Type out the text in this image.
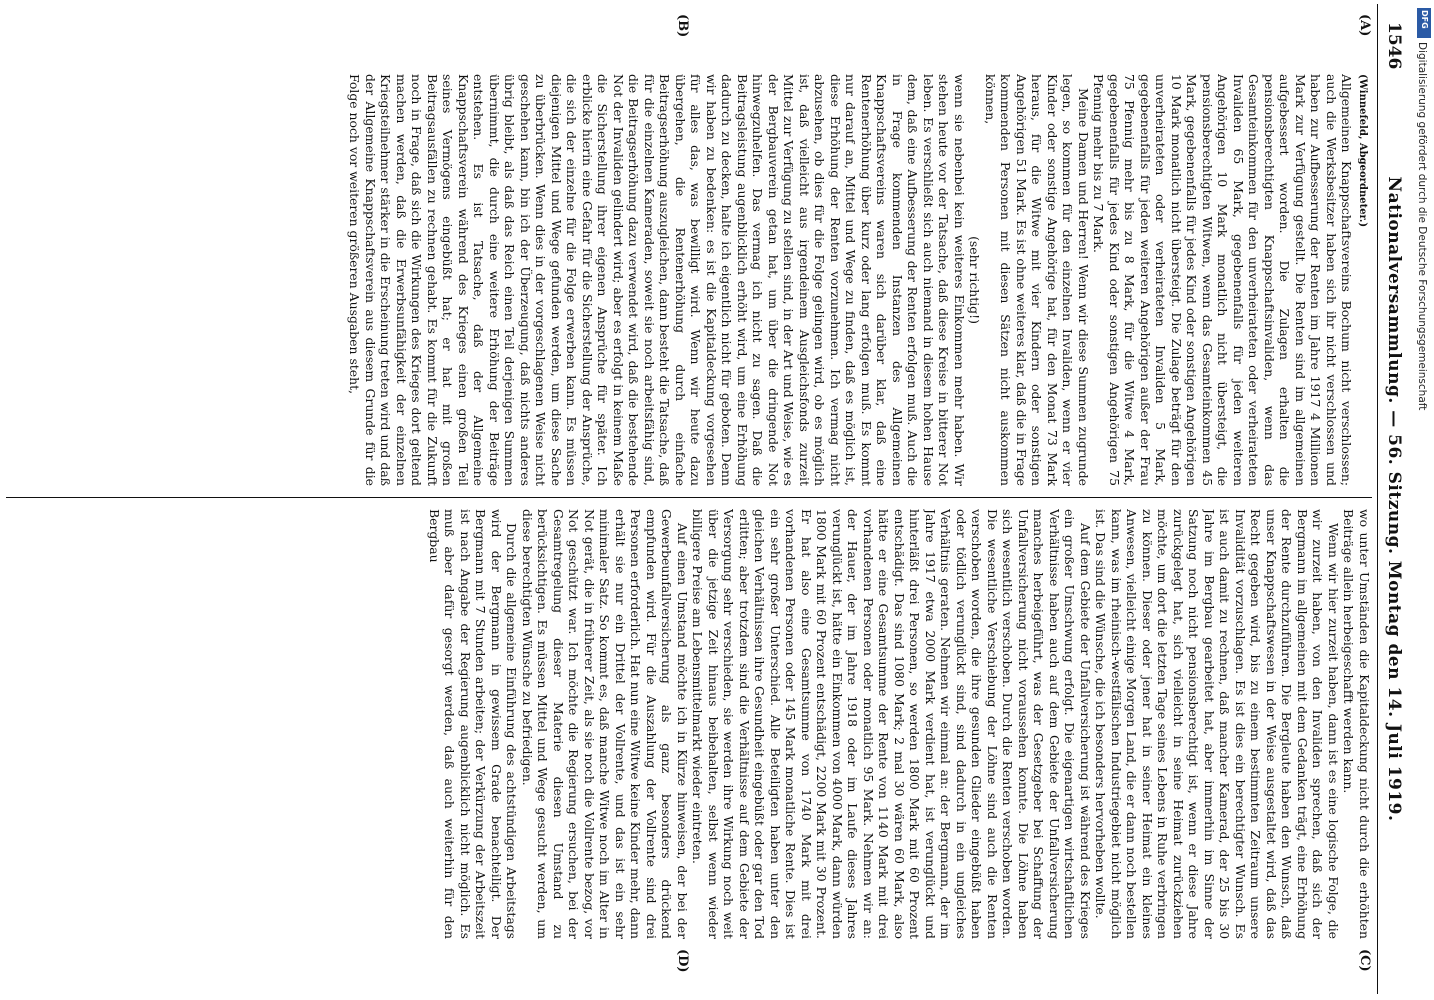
1546
Nationalversammlung. — 56. Sitzung. Montag den 14. Juli 1919.
(A)
(B)
(C)
(D)

(Winnefeld, Abgeordneter.)

Allgemeinen Knappschaftsvereins Bochum nicht verschlossen; auch die Werksbesitzer haben sich ihr nicht verschlossen und haben zur Aufbesserung der Renten im Jahre 1917 4 Millionen Mark zur Verfügung gestellt. Die Renten sind im allgemeinen aufgebessert worden. Die Zulagen erhalten die pensionsberechtigten Knappschaftsinvaliden, wenn das Gesamteinkommen für den unverheirateten oder verheirateten Invaliden 65 Mark, gegebenenfalls für jeden weiteren Angehörigen 10 Mark monatlich nicht übersteigt, die pensionsberechtigten Witwen, wenn das Gesamteinkommen 45 Mark, gegebenenfalls für jedes Kind oder sonstigen Angehörigen 10 Mark monatlich nicht übersteigt. Die Zulage beträgt für den unverheirateten oder verheirateten Invaliden 5 Mark, gegebenenfalls für jeden weiteren Angehörigen außer der Frau 75 Pfennig mehr bis zu 8 Mark, für die Witwe 4 Mark, gegebenenfalls für jedes Kind oder sonstigen Angehörigen 75 Pfennig mehr bis zu 7 Mark.

Meine Damen und Herren! Wenn wir diese Summen zugrunde legen, so kommen für den einzelnen Invaliden, wenn er vier Kinder oder sonstige Angehörige hat, für den Monat 73 Mark heraus, für die Witwe mit vier Kindern oder sonstigen Angehörigen 51 Mark. Es ist ohne weiteres klar, daß die in Frage kommenden Personen mit diesen Sätzen nicht auskommen können,

(sehr richtig!)

wenn sie nebenbei kein weiteres Einkommen mehr haben. Wir stehen heute vor der Tatsache, daß diese Kreise in bitterer Not leben. Es verschließt sich auch niemand in diesem hohen Hause dem, daß eine Aufbesserung der Renten erfolgen muß. Auch die in Frage kommenden Instanzen des Allgemeinen Knappschaftsvereins waren sich darüber klar, daß eine Rentenerhöhung über kurz oder lang erfolgen muß. Es kommt nur darauf an, Mittel und Wege zu finden, daß es möglich ist, diese Erhöhung der Renten vorzunehmen. Ich vermag nicht abzusehen, ob dies für die Folge gelingen wird, ob es möglich ist, daß vielleicht aus irgendeinem Ausgleichsfonds zurzeit Mittel zur Verfügung zu stellen sind, in der Art und Weise, wie es der Bergbauverein getan hat, um über die dringende Not hinwegzuhelfen. Das vermag ich nicht zu sagen. Daß die Beitragsleistung augenblicklich erhöht wird, um eine Erhöhung dadurch zu decken, halte ich eigentlich nicht für geboten. Denn wir haben zu bedenken: es ist die Kapitaldeckung vorgesehen für alles das, was bewilligt wird. Wenn wir heute dazu übergehen, die Rentenerhöhung durch einfache Beitragserhöhung auszugleichen, dann besteht die Tatsache, daß für die einzelnen Kameraden, soweit sie noch arbeitsfähig sind, die Beitragserhöhung dazu verwendet wird, daß die bestehende Not der Invaliden gelindert wird; aber es erfolgt in keinem Maße die Sicherstellung ihrer eigenen Ansprüche für später. Ich erblicke hierin eine Gefahr für die Sicherstellung der Ansprüche, die sich der einzelne für die Folge erwerben kann. Es müssen diejenigen Mittel und Wege gefunden werden, um diese Sache zu überbrücken. Wenn dies in der vorgeschlagenen Weise nicht geschehen kann, bin ich der Überzeugung, daß nichts anderes übrig bleibt, als daß das Reich einen Teil derjenigen Summen übernimmt, die durch eine weitere Erhöhung der Beiträge entstehen. Es ist Tatsache, daß der Allgemeine Knappschaftsverein während des Krieges einen großen Teil seines Vermögens eingebüßt hat; er hat mit großen Beitragsausfällen zu rechnen gehabt. Es kommt für die Zukunft noch in Frage, daß sich die Wirkungen des Krieges dort geltend machen werden, daß die Erwerbsunfähigkeit der einzelnen Kriegsteilnehmer stärker in die Erscheinung treten wird und daß der Allgemeine Knappschaftsverein aus diesem Grunde für die Folge noch vor weiteren größeren Ausgaben steht,

wo unter Umständen die Kapitaldeckung nicht durch die erhöhten Beiträge allein herbeigeschafft werden kann.

Wenn wir hier zurzeit haben, dann ist es eine logische Folge, die wir zurzeit haben, von den Invaliden sprechen, daß sich der Bergmann im allgemeinen mit dem Gedanken trägt, eine Erhöhung der Rente durchzuführen. Die Bergleute haben den Wunsch, daß unser Knappschaftswesen in der Weise ausgestaltet wird, daß das Recht gegeben wird, bis zu einem bestimmten Zeitraum unsere Invalidität vorzuschlagen. Es ist dies ein berechtigter Wunsch. Es ist auch damit zu rechnen, daß mancher Kamerad, der 25 bis 30 Jahre im Bergbau gearbeitet hat, aber immerhin im Sinne der Satzung noch nicht pensionsberechtigt ist, wenn er diese Jahre zurückgelegt hat, sich vielleicht in seine Heimat zurückziehen möchte, um dort die letzten Tage seines Lebens in Ruhe verbringen zu können. Dieser oder jener hat in seiner Heimat ein kleines Anwesen, vielleicht einige Morgen Land, die er dann noch bestellen kann, was im rheinisch-westfälischen Industriegebiet nicht möglich ist. Das sind die Wünsche, die ich besonders hervorheben wollte.

Auf dem Gebiete der Unfallversicherung ist während des Krieges ein großer Umschwung erfolgt. Die eigenartigen wirtschaftlichen Verhältnisse haben auch auf dem Gebiete der Unfallversicherung manches herbeigeführt, was der Gesetzgeber bei Schaffung der Unfallversicherung nicht voraussehen konnte. Die Löhne haben sich wesentlich verschoben. Durch die Renten verschoben worden. Die wesentliche Verschiebung der Löhne sind auch die Renten verschoben worden, die ihre gesunden Glieder eingebüßt haben oder tödlich verunglückt sind, sind dadurch in ein ungleiches Verhältnis geraten. Nehmen wir einmal an: der Bergmann, der im Jahre 1917 etwa 2000 Mark verdient hat, ist verunglückt und hinterläßt drei Personen, so werden 1800 Mark mit 60 Prozent entschädigt. Das sind 1080 Mark; 2 mal 30 wären 60 Mark, also hätte er eine Gesamtsumme der Rente von 1140 Mark mit drei vorhandenen Personen oder monatlich 95 Mark. Nehmen wir an: der Hauer, der im Jahre 1918 oder im Laufe dieses Jahres verunglückt ist, hätte ein Einkommen von 4000 Mark, dann würden 1800 Mark mit 60 Prozent entschädigt, 2200 Mark mit 30 Prozent. Er hat also eine Gesamtsumme von 1740 Mark mit drei vorhandenen Personen oder 145 Mark monatliche Rente. Dies ist ein sehr großer Unterschied. Alle Beteiligten haben unter den gleichen Verhältnissen ihre Gesundheit eingebüßt oder gar den Tod erlitten; aber trotzdem sind die Verhältnisse auf dem Gebiete der Versorgung sehr verschieden, sie werden ihre Wirkung noch weit über die jetzige Zeit hinaus beibehalten, selbst wenn wieder billigere Preise am Lebensmittelmarkt wieder eintreten.

Auf einen Umstand möchte ich in Kürze hinweisen, der bei der Gewerbeunfallversicherung als ganz besonders drückend empfunden wird. Für die Auszahlung der Vollrente sind drei Personen erforderlich. Hat nun eine Witwe keine Kinder mehr, dann erhält sie nur ein Drittel der Vollrente, und das ist ein sehr minimaler Satz. So kommt es, daß manche Witwe noch im Alter in Not gerät, die in früherer Zeit, als sie noch die Vollrente bezog, vor Not geschützt war. Ich möchte die Regierung ersuchen, bei der Gesamtregelung dieser Materie diesen Umstand zu berücksichtigen. Es müssen Mittel und Wege gesucht werden, um diese berechtigten Wünsche zu befriedigen.

Durch die allgemeine Einführung des achtstündigen Arbeitstags wird der Bergmann in gewissem Grade benachteiligt. Der Bergmann mit 7 Stunden arbeiten; der Verkürzung der Arbeitszeit ist nach Angabe der Regierung augenblicklich nicht möglich. Es muß aber dafür gesorgt werden, daß auch weiterhin für den Bergbau

DFG
Digitalisierung gefördert durch die Deutsche Forschungsgemeinschaft
